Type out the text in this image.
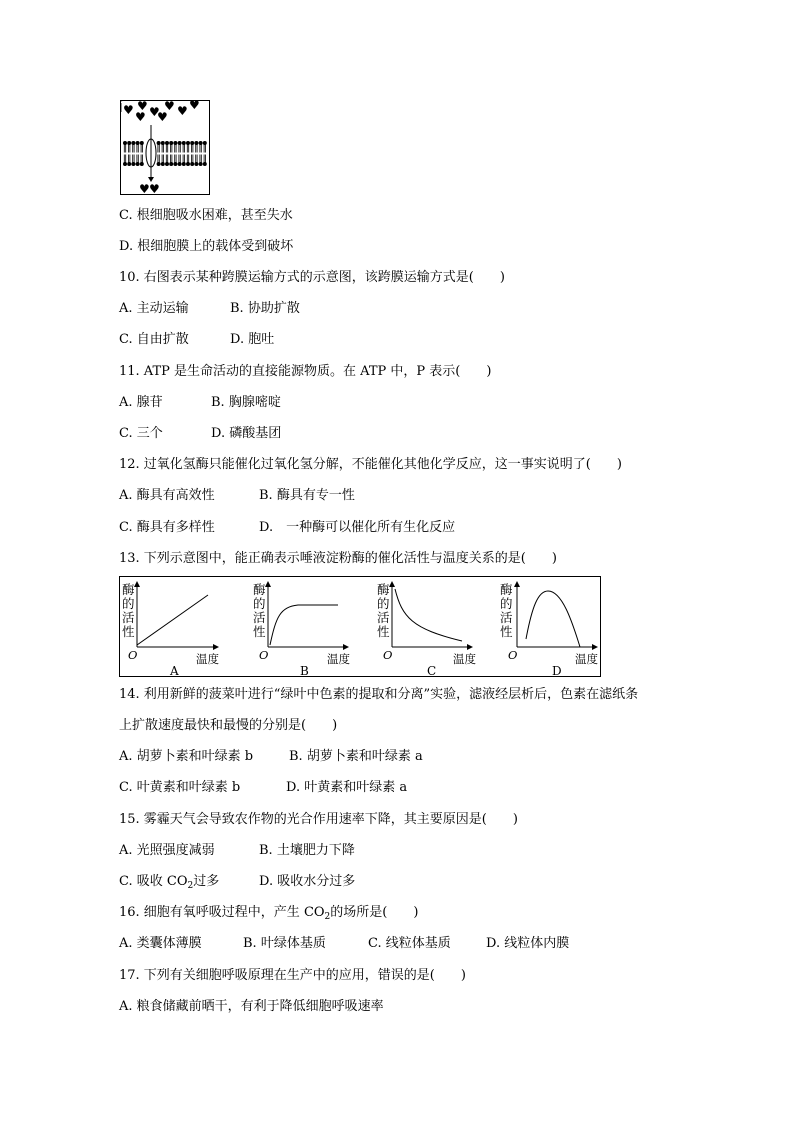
♥ ♥
♥ ♥ ♥
♥ ♥ ♥
♥ ♥
C. 根细胞吸水困难，甚至失水
D. 根细胞膜上的载体受到破坏
10. 右图表示某种跨膜运输方式的示意图，该跨膜运输方式是(　　)
A. 主动运输	B. 协助扩散
C. 自由扩散	D. 胞吐
11. ATP 是生命活动的直接能源物质。在 ATP 中，P 表示(　　)
A. 腺苷	B. 胸腺嘧啶
C. 三个	D. 磷酸基团
12. 过氧化氢酶只能催化过氧化氢分解，不能催化其他化学反应，这一事实说明了(　　)
A. 酶具有高效性	B. 酶具有专一性
C. 酶具有多样性	D.　一种酶可以催化所有生化反应
13. 下列示意图中，能正确表示唾液淀粉酶的催化活性与温度关系的是(　　)
酶
的
活
性
O	温度
A
酶
的
活
性
O	温度
B
酶
的
活
性
O	温度
C
酶
的
活
性
O	温度
D
14. 利用新鲜的菠菜叶进行“绿叶中色素的提取和分离”实验，滤液经层析后，色素在滤纸条
上扩散速度最快和最慢的分别是(　　)
A. 胡萝卜素和叶绿素 b	B. 胡萝卜素和叶绿素 a
C. 叶黄素和叶绿素 b	D. 叶黄素和叶绿素 a
15. 雾霾天气会导致农作物的光合作用速率下降，其主要原因是(　　)
A. 光照强度减弱	B. 土壤肥力下降
C. 吸收 $CO_2$过多	D. 吸收水分过多
16. 细胞有氧呼吸过程中，产生 $CO_2$的场所是(　　)
A. 类囊体薄膜	B. 叶绿体基质	C. 线粒体基质	D. 线粒体内膜
17. 下列有关细胞呼吸原理在生产中的应用，错误的是(　　)
A. 粮食储藏前晒干，有利于降低细胞呼吸速率
